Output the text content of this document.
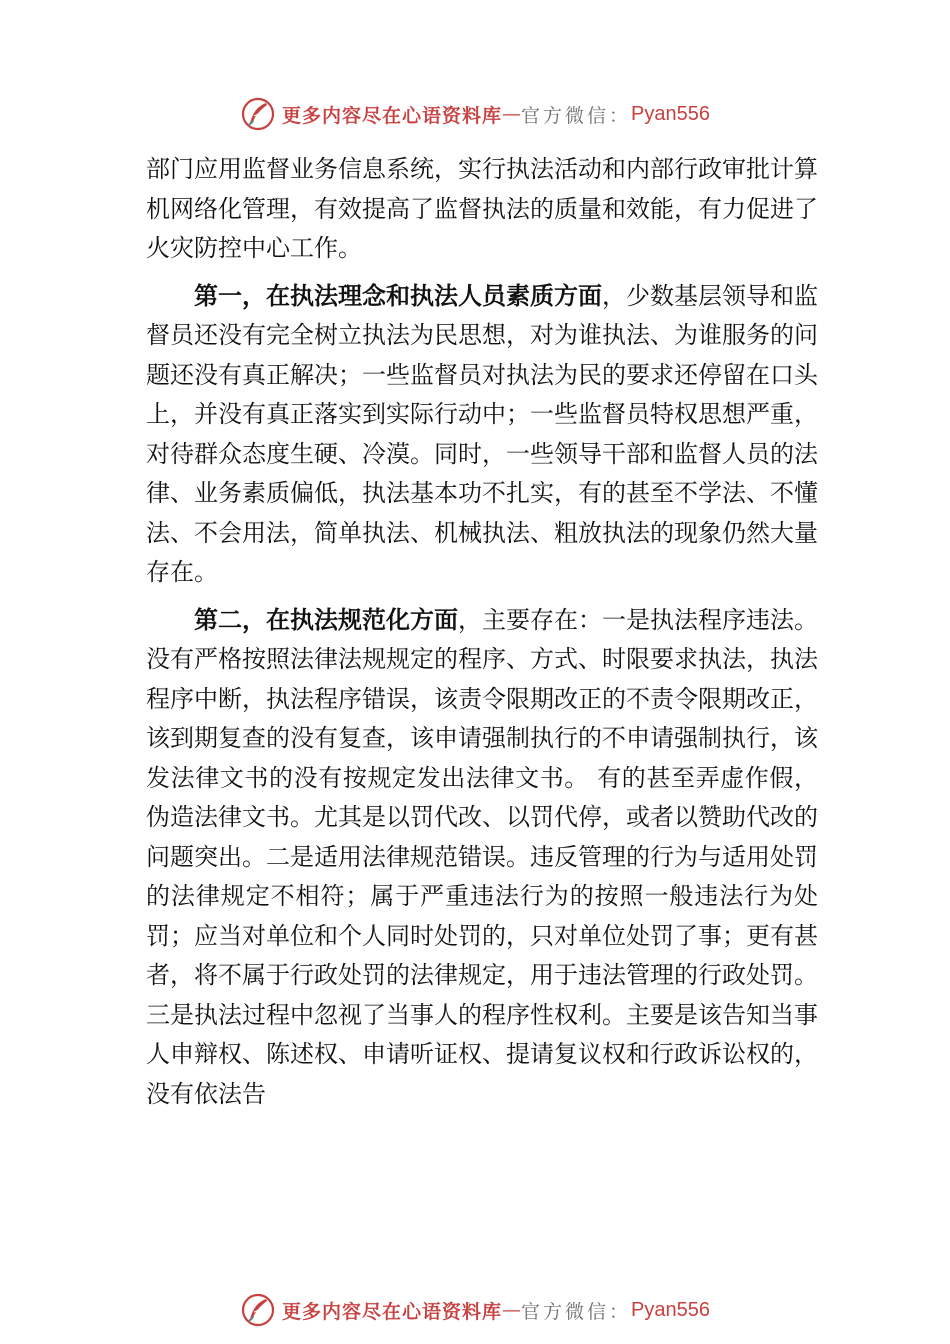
更多内容尽在心语资料库 — 官方微信： Pyan556

部门应用监督业务信息系统，实行执法活动和内部行政审批计算机网络化管理，有效提高了监督执法的质量和效能，有力促进了火灾防控中心工作。

第一，在执法理念和执法人员素质方面，少数基层领导和监督员还没有完全树立执法为民思想，对为谁执法、为谁服务的问题还没有真正解决；一些监督员对执法为民的要求还停留在口头上，并没有真正落实到实际行动中；一些监督员特权思想严重，对待群众态度生硬、冷漠。同时，一些领导干部和监督人员的法律、业务素质偏低，执法基本功不扎实，有的甚至不学法、不懂法、不会用法，简单执法、机械执法、粗放执法的现象仍然大量存在。

第二，在执法规范化方面，主要存在：一是执法程序违法。没有严格按照法律法规规定的程序、方式、时限要求执法，执法程序中断，执法程序错误，该责令限期改正的不责令限期改正，该到期复查的没有复查，该申请强制执行的不申请强制执行，该发法律文书的没有按规定发出法律文书。 有的甚至弄虚作假，伪造法律文书。尤其是以罚代改、以罚代停，或者以赞助代改的问题突出。二是适用法律规范错误。违反管理的行为与适用处罚的法律规定不相符；属于严重违法行为的按照一般违法行为处罚；应当对单位和个人同时处罚的，只对单位处罚了事；更有甚者，将不属于行政处罚的法律规定，用于违法管理的行政处罚。三是执法过程中忽视了当事人的程序性权利。主要是该告知当事人申辩权、陈述权、申请听证权、提请复议权和行政诉讼权的，没有依法告

更多内容尽在心语资料库 — 官方微信： Pyan556
